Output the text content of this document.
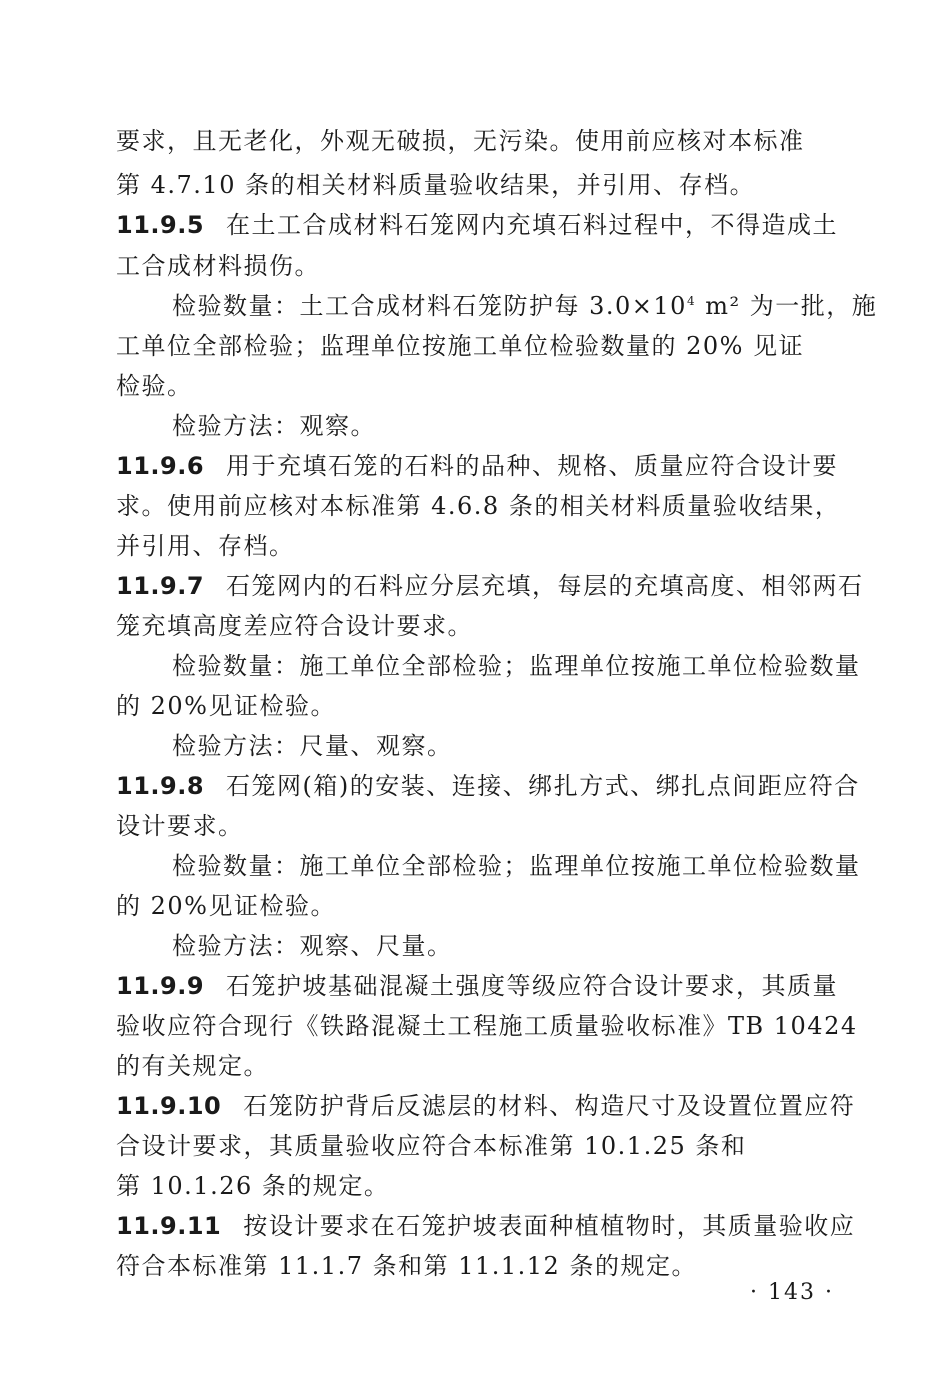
要求，且无老化，外观无破损，无污染。使用前应核对本标准
第 4.7.10 条的相关材料质量验收结果，并引用、存档。
11.9.5 在土工合成材料石笼网内充填石料过程中，不得造成土
工合成材料损伤。
检验数量：土工合成材料石笼防护每 $3.0\times 10^4$ m² 为一批，施
工单位全部检验；监理单位按施工单位检验数量的 20% 见证
检验。
检验方法：观察。
11.9.6 用于充填石笼的石料的品种、规格、质量应符合设计要
求。使用前应核对本标准第 4.6.8 条的相关材料质量验收结果，
并引用、存档。
11.9.7 石笼网内的石料应分层充填，每层的充填高度、相邻两石
笼充填高度差应符合设计要求。
检验数量：施工单位全部检验；监理单位按施工单位检验数量
的 20%见证检验。
检验方法：尺量、观察。
11.9.8 石笼网(箱)的安装、连接、绑扎方式、绑扎点间距应符合
设计要求。
检验数量：施工单位全部检验；监理单位按施工单位检验数量
的 20%见证检验。
检验方法：观察、尺量。
11.9.9 石笼护坡基础混凝土强度等级应符合设计要求，其质量
验收应符合现行《铁路混凝土工程施工质量验收标准》TB 10424
的有关规定。
11.9.10 石笼防护背后反滤层的材料、构造尺寸及设置位置应符
合设计要求，其质量验收应符合本标准第 10.1.25 条和
第 10.1.26 条的规定。
11.9.11 按设计要求在石笼护坡表面种植植物时，其质量验收应
符合本标准第 11.1.7 条和第 11.1.12 条的规定。
· 143 ·
